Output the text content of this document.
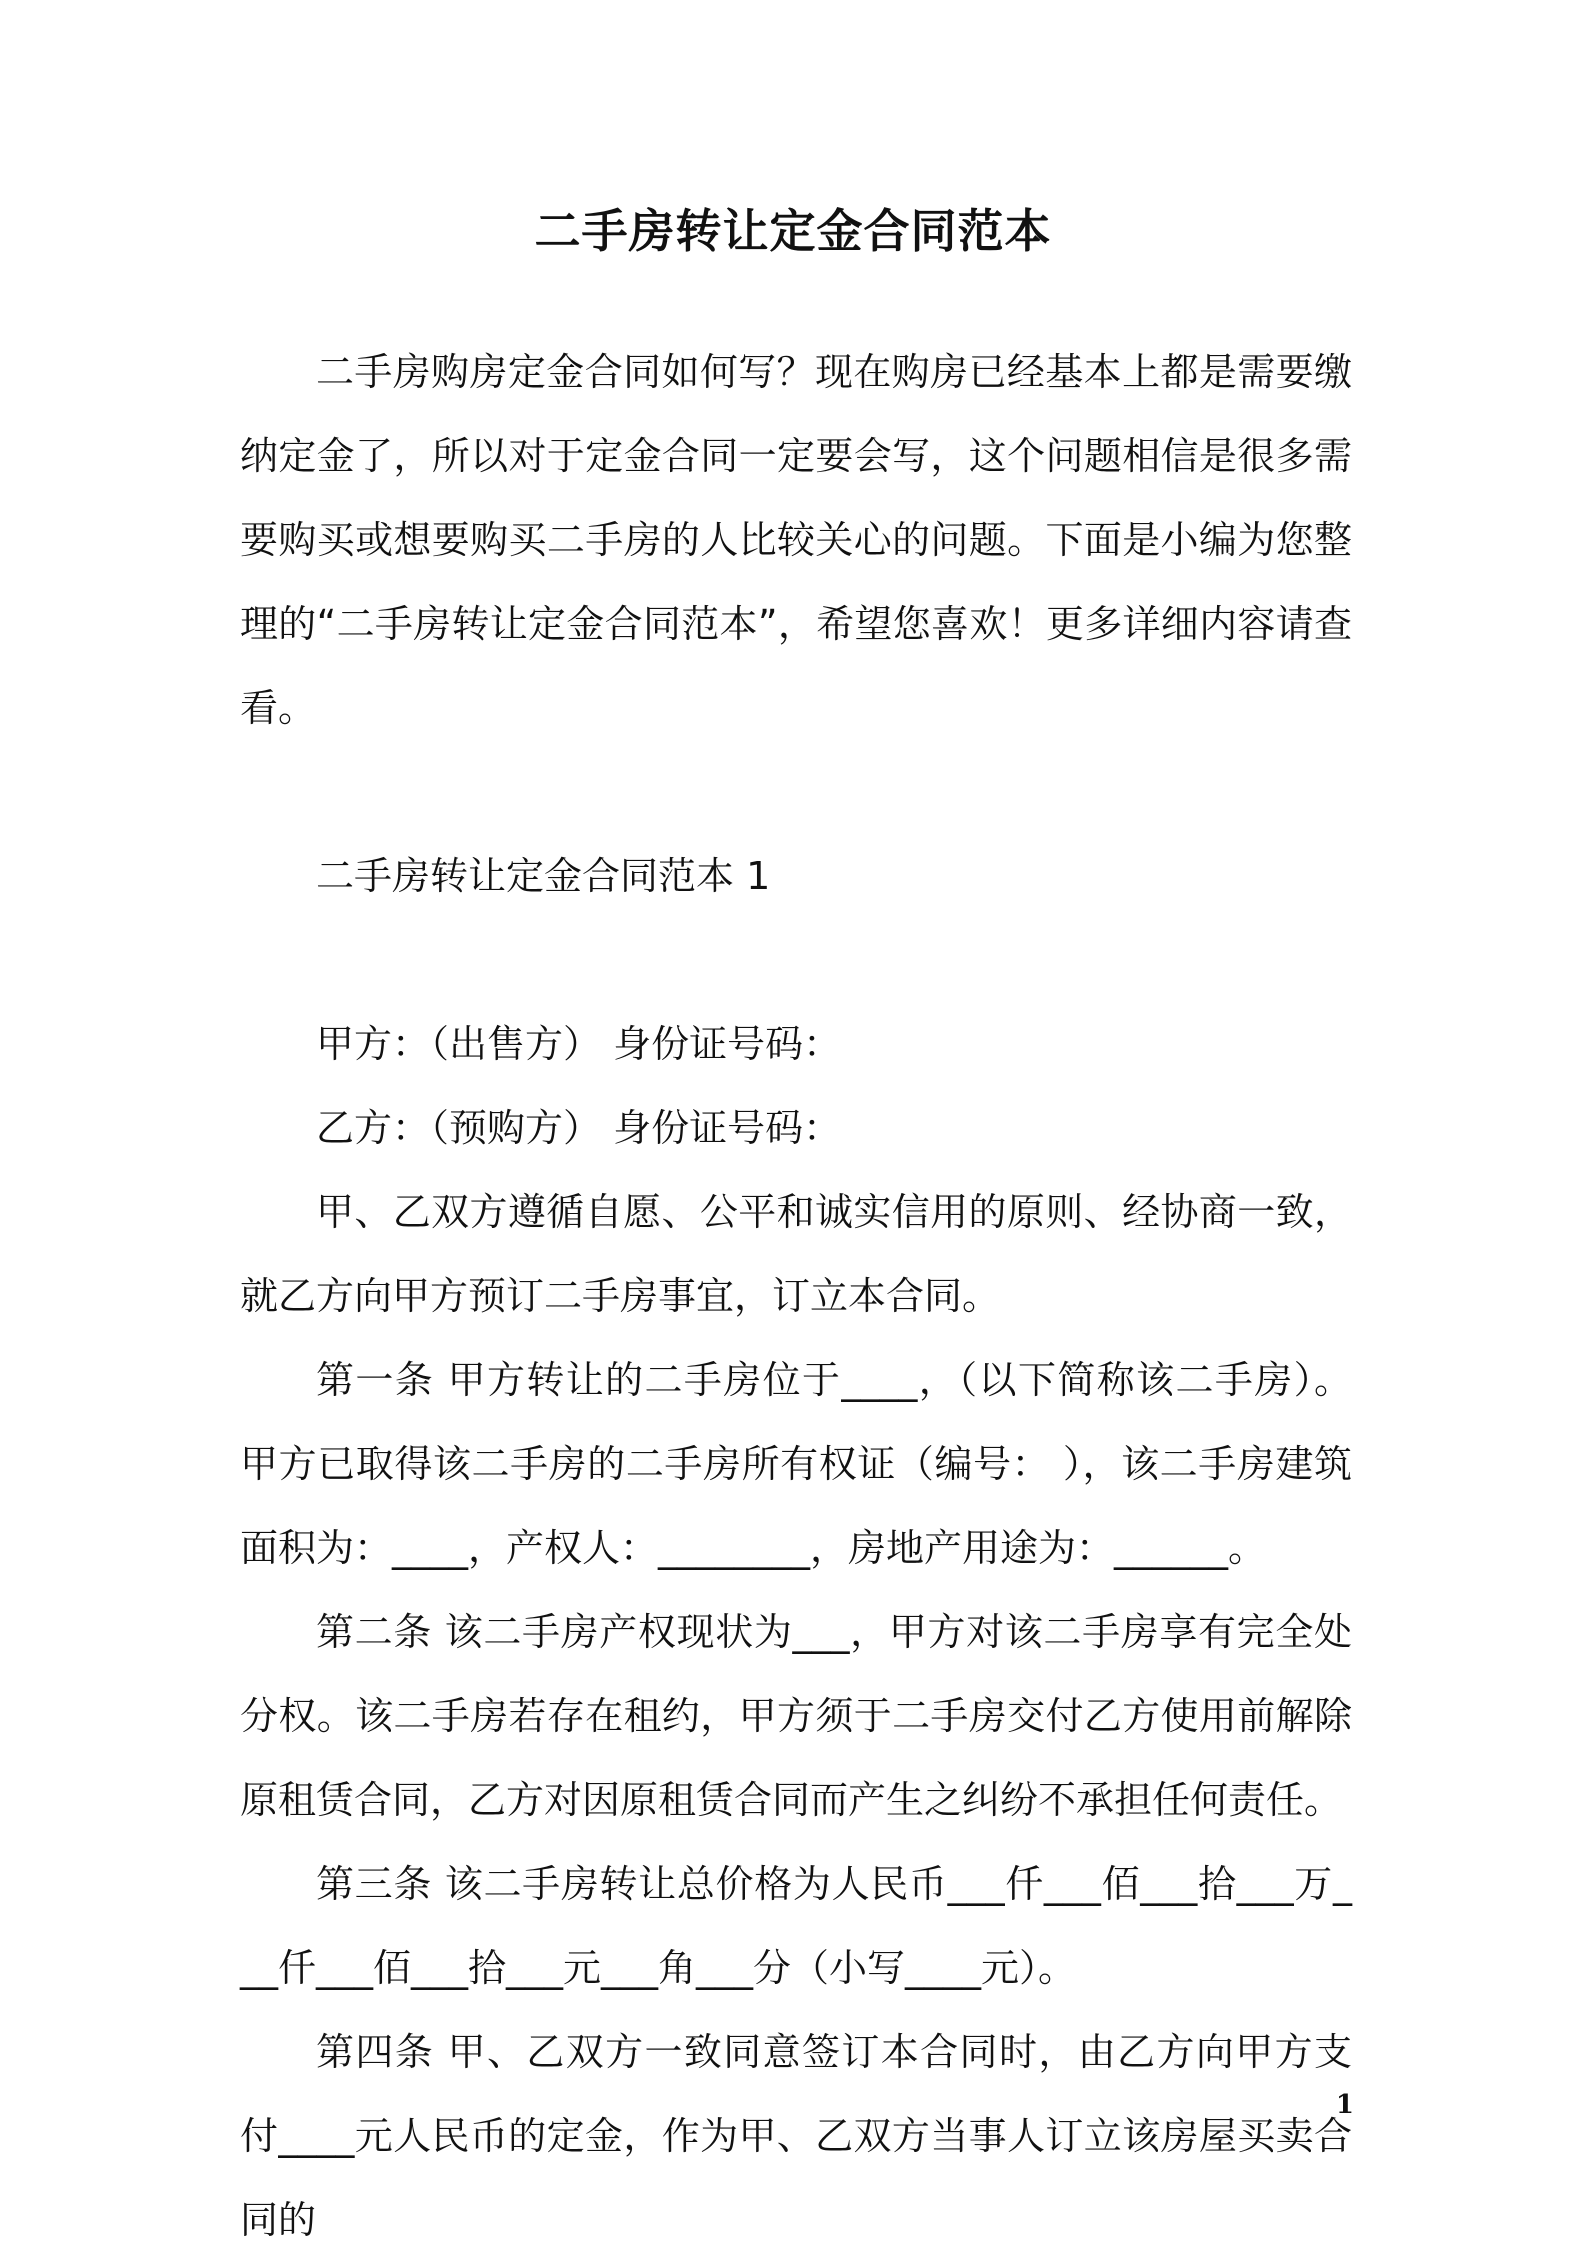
二手房转让定金合同范本

二手房购房定金合同如何写？现在购房已经基本上都是需要缴纳定金了，所以对于定金合同一定要会写，这个问题相信是很多需要购买或想要购买二手房的人比较关心的问题。下面是小编为您整理的“二手房转让定金合同范本”，希望您喜欢！更多详细内容请查看。

二手房转让定金合同范本 1

甲方：（出售方） 身份证号码：

乙方：（预购方） 身份证号码：

甲、乙双方遵循自愿、公平和诚实信用的原则、经协商一致，就乙方向甲方预订二手房事宜，订立本合同。

第一条 甲方转让的二手房位于____，（以下简称该二手房）。甲方已取得该二手房的二手房所有权证（编号： ），该二手房建筑面积为：____，产权人：________，房地产用途为：______。

第二条 该二手房产权现状为___，甲方对该二手房享有完全处分权。该二手房若存在租约，甲方须于二手房交付乙方使用前解除原租赁合同，乙方对因原租赁合同而产生之纠纷不承担任何责任。

第三条 该二手房转让总价格为人民币___仟___佰___拾___万___仟___佰___拾___元___角___分（小写____元）。

第四条 甲、乙双方一致同意签订本合同时，由乙方向甲方支付____元人民币的定金，作为甲、乙双方当事人订立该房屋买卖合同的

1
